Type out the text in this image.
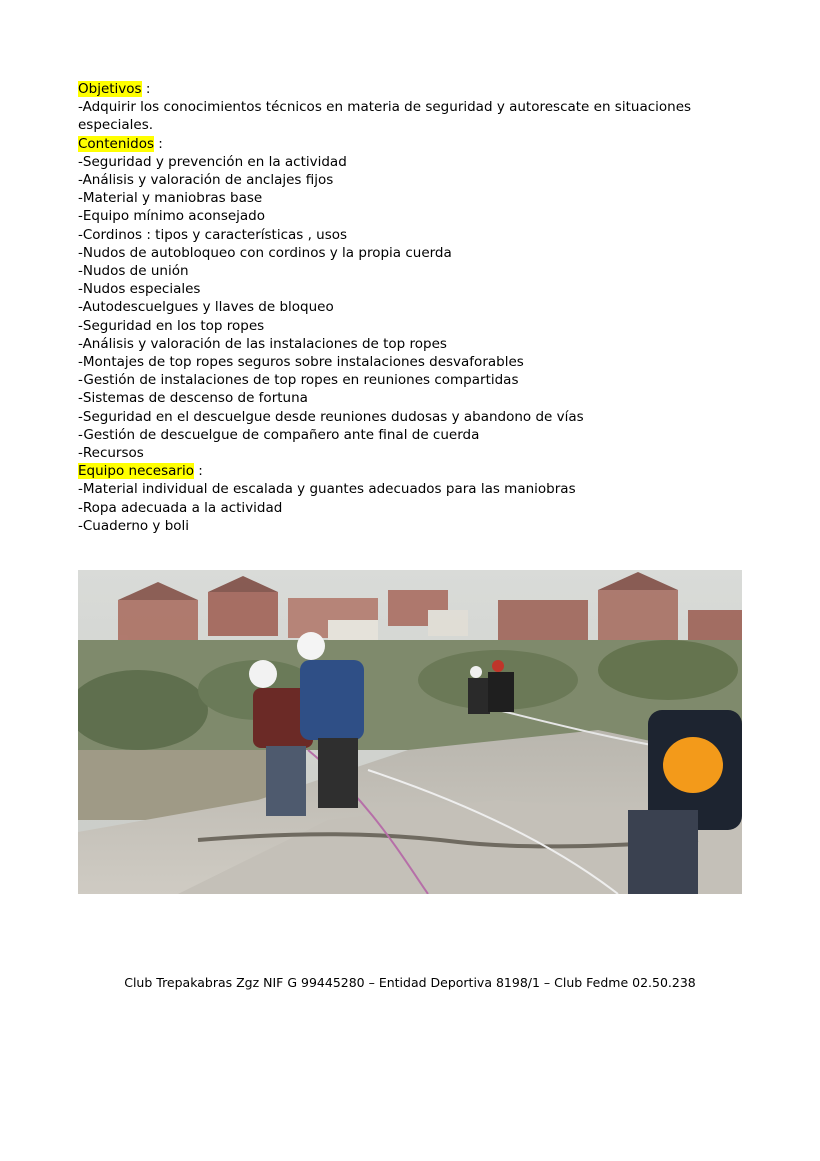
Objetivos :
-Adquirir los conocimientos técnicos en materia de seguridad y autorescate en situaciones especiales.
Contenidos :
-Seguridad y prevención en la actividad
-Análisis y valoración de anclajes fijos
-Material y maniobras base
-Equipo mínimo aconsejado
-Cordinos : tipos y características , usos
-Nudos de autobloqueo con cordinos y la propia cuerda
-Nudos de unión
-Nudos especiales
-Autodescuelgues y llaves de bloqueo
-Seguridad en los top ropes
-Análisis y valoración de las instalaciones de top ropes
-Montajes de top ropes seguros sobre instalaciones desvaforables
-Gestión de instalaciones de top ropes en reuniones compartidas
-Sistemas de descenso de fortuna
-Seguridad en el descuelgue desde reuniones dudosas y abandono de vías
-Gestión de descuelgue de compañero ante final de cuerda
-Recursos
Equipo necesario :
-Material individual de escalada y guantes adecuados para las maniobras
-Ropa adecuada a la actividad
-Cuaderno y boli
Club Trepakabras Zgz NIF G 99445280 – Entidad Deportiva 8198/1 – Club Fedme 02.50.238
